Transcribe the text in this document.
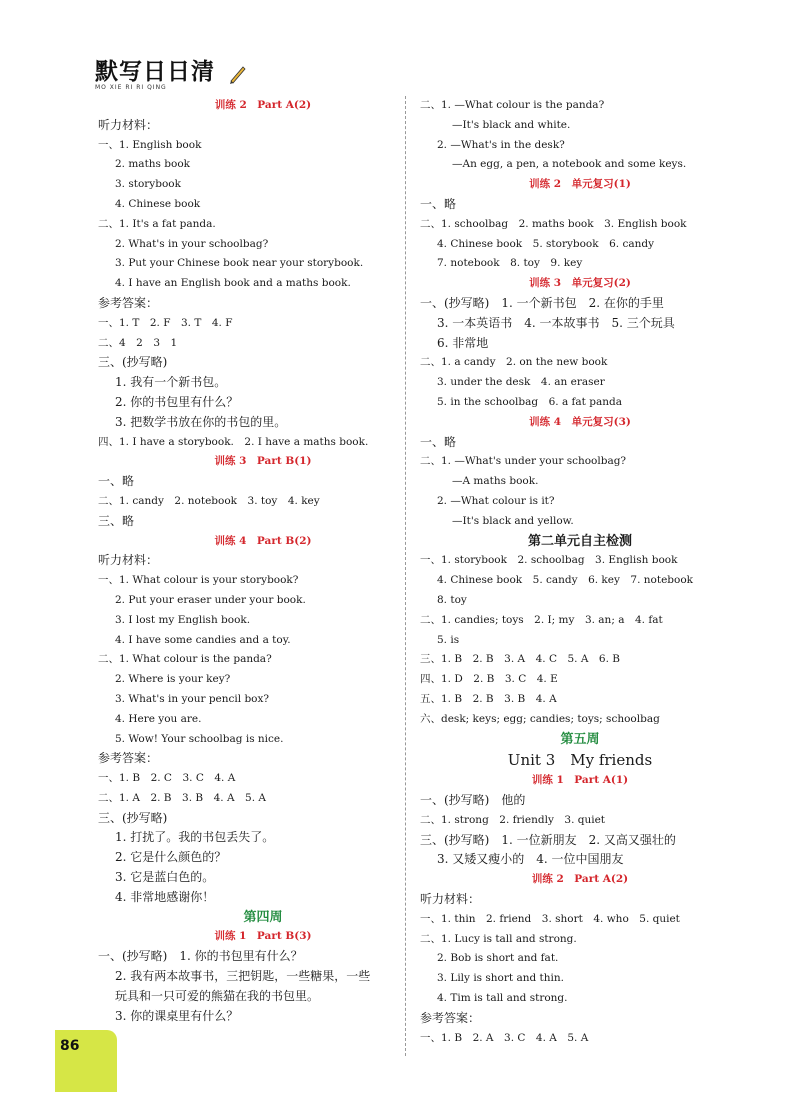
默写日日清
MO XIE RI RI QING
训练 2　Part A(2)
听力材料：
一、1. English book
2. maths book
3. storybook
4. Chinese book
二、1. It's a fat panda.
2. What's in your schoolbag?
3. Put your Chinese book near your storybook.
4. I have an English book and a maths book.
参考答案：
一、1. T　2. F　3. T　4. F
二、4　2　3　1
三、(抄写略)
1. 我有一个新书包。
2. 你的书包里有什么？
3. 把数学书放在你的书包的里。
四、1. I have a storybook.　2. I have a maths book.
训练 3　Part B(1)
一、略
二、1. candy　2. notebook　3. toy　4. key
三、略
训练 4　Part B(2)
听力材料：
一、1. What colour is your storybook?
2. Put your eraser under your book.
3. I lost my English book.
4. I have some candies and a toy.
二、1. What colour is the panda?
2. Where is your key?
3. What's in your pencil box?
4. Here you are.
5. Wow! Your schoolbag is nice.
参考答案：
一、1. B　2. C　3. C　4. A
二、1. A　2. B　3. B　4. A　5. A
三、(抄写略)
1. 打扰了。我的书包丢失了。
2. 它是什么颜色的？
3. 它是蓝白色的。
4. 非常地感谢你！
第四周
训练 1　Part B(3)
一、(抄写略)　1. 你的书包里有什么？
2. 我有两本故事书，三把钥匙，一些糖果，一些
玩具和一只可爱的熊猫在我的书包里。
3. 你的课桌里有什么？
二、1. —What colour is the panda?
—It's black and white.
2. —What's in the desk?
—An egg, a pen, a notebook and some keys.
训练 2　单元复习(1)
一、略
二、1. schoolbag　2. maths book　3. English book
4. Chinese book　5. storybook　6. candy
7. notebook　8. toy　9. key
训练 3　单元复习(2)
一、(抄写略)　1. 一个新书包　2. 在你的手里
3. 一本英语书　4. 一本故事书　5. 三个玩具
6. 非常地
二、1. a candy　2. on the new book
3. under the desk　4. an eraser
5. in the schoolbag　6. a fat panda
训练 4　单元复习(3)
一、略
二、1. —What's under your schoolbag?
—A maths book.
2. —What colour is it?
—It's black and yellow.
第二单元自主检测
一、1. storybook　2. schoolbag　3. English book
4. Chinese book　5. candy　6. key　7. notebook
8. toy
二、1. candies; toys　2. I; my　3. an; a　4. fat
5. is
三、1. B　2. B　3. A　4. C　5. A　6. B
四、1. D　2. B　3. C　4. E
五、1. B　2. B　3. B　4. A
六、desk; keys; egg; candies; toys; schoolbag
第五周
Unit 3　My friends
训练 1　Part A(1)
一、(抄写略)　他的
二、1. strong　2. friendly　3. quiet
三、(抄写略)　1. 一位新朋友　2. 又高又强壮的
3. 又矮又瘦小的　4. 一位中国朋友
训练 2　Part A(2)
听力材料：
一、1. thin　2. friend　3. short　4. who　5. quiet
二、1. Lucy is tall and strong.
2. Bob is short and fat.
3. Lily is short and thin.
4. Tim is tall and strong.
参考答案：
一、1. B　2. A　3. C　4. A　5. A
86
